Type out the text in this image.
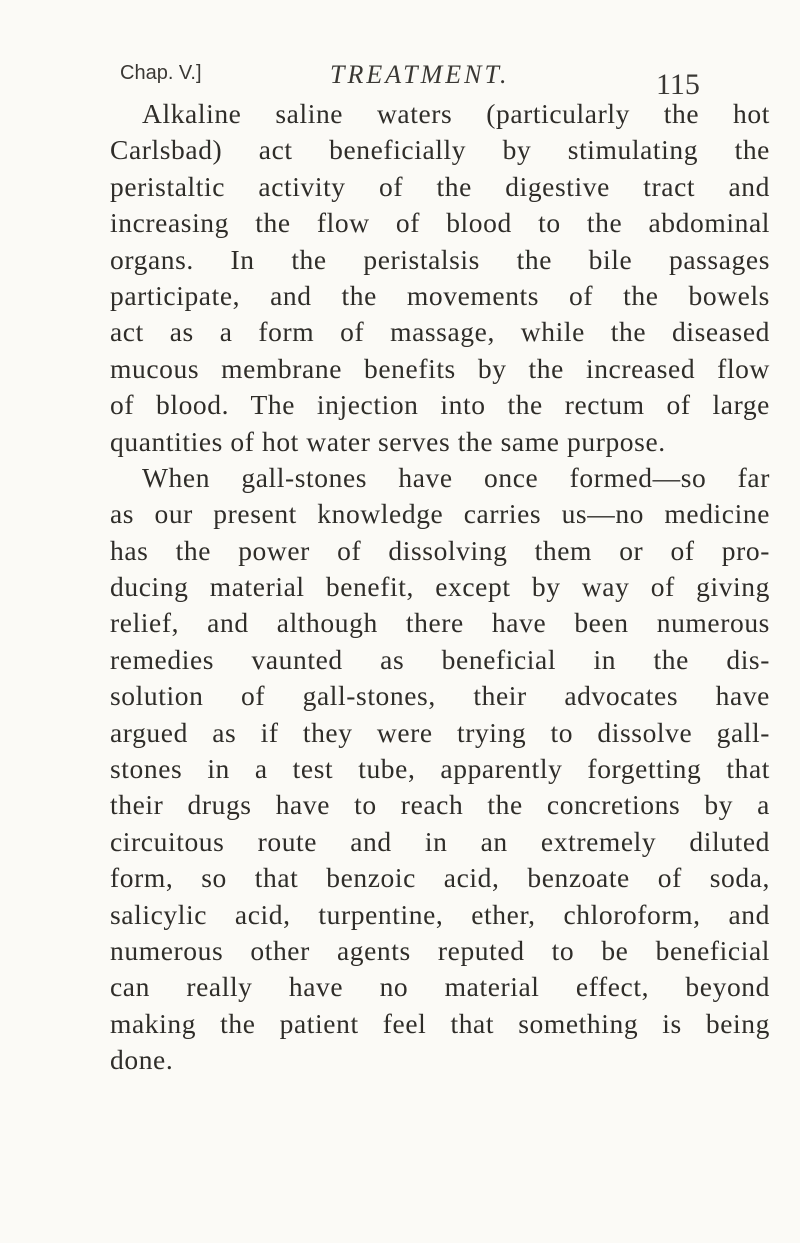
Chap. V.]	TREATMENT.	115
Alkaline saline waters (particularly the hot
Carlsbad) act beneficially by stimulating the
peristaltic activity of the digestive tract and
increasing the flow of blood to the abdominal
organs. In the peristalsis the bile passages
participate, and the movements of the bowels
act as a form of massage, while the diseased
mucous membrane benefits by the increased flow
of blood. The injection into the rectum of large
quantities of hot water serves the same purpose.
When gall-stones have once formed—so far
as our present knowledge carries us—no medicine
has the power of dissolving them or of pro-
ducing material benefit, except by way of giving
relief, and although there have been numerous
remedies vaunted as beneficial in the dis-
solution of gall-stones, their advocates have
argued as if they were trying to dissolve gall-
stones in a test tube, apparently forgetting that
their drugs have to reach the concretions by a
circuitous route and in an extremely diluted
form, so that benzoic acid, benzoate of soda,
salicylic acid, turpentine, ether, chloroform, and
numerous other agents reputed to be beneficial
can really have no material effect, beyond
making the patient feel that something is being
done.
